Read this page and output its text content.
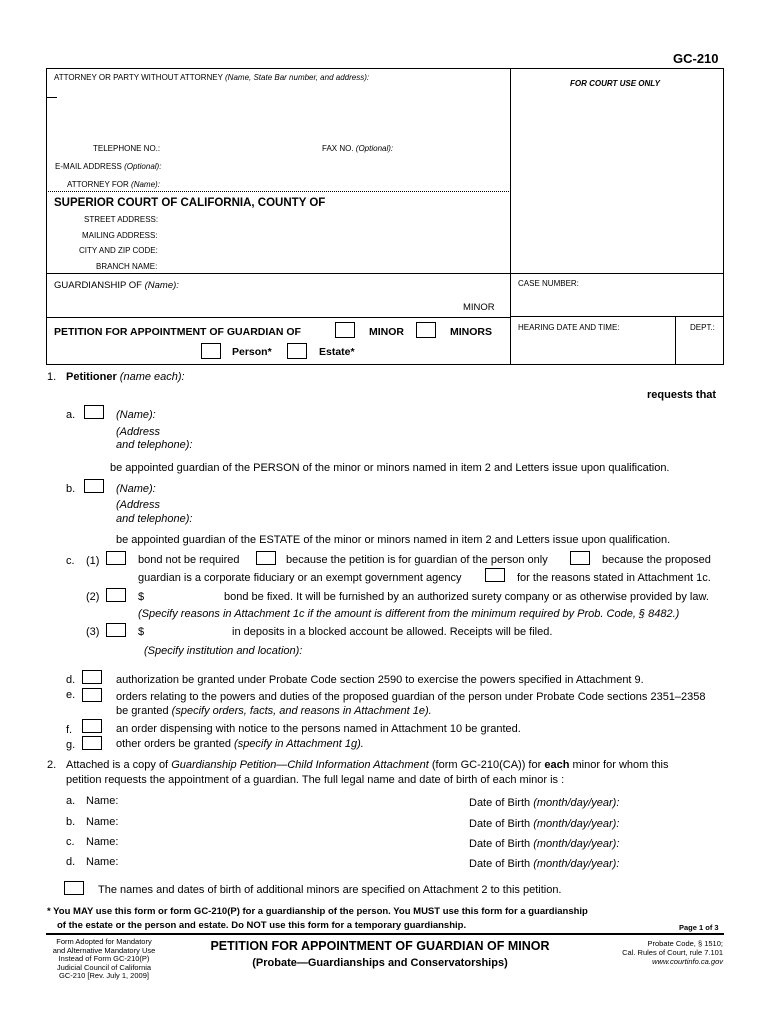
GC-210
ATTORNEY OR PARTY WITHOUT ATTORNEY (Name, State Bar number, and address):
FOR COURT USE ONLY
TELEPHONE NO.:	FAX NO. (Optional):
E-MAIL ADDRESS (Optional):
ATTORNEY FOR (Name):
SUPERIOR COURT OF CALIFORNIA, COUNTY OF
STREET ADDRESS:
MAILING ADDRESS:
CITY AND ZIP CODE:
BRANCH NAME:
GUARDIANSHIP OF (Name):	CASE NUMBER:
MINOR
PETITION FOR APPOINTMENT OF GUARDIAN OF	MINOR	MINORS
Person*	Estate*
HEARING DATE AND TIME:	DEPT.:
1. Petitioner (name each):
requests that
a.	(Name):
(Address
and telephone):
be appointed guardian of the PERSON of the minor or minors named in item 2 and Letters issue upon qualification.
b.	(Name):
(Address
and telephone):
be appointed guardian of the ESTATE of the minor or minors named in item 2 and Letters issue upon qualification.
c. (1)	bond not be required	because the petition is for guardian of the person only	because the proposed
guardian is a corporate fiduciary or an exempt government agency	for the reasons stated in Attachment 1c.
(2)	$	bond be fixed. It will be furnished by an authorized surety company or as otherwise provided by law.
(Specify reasons in Attachment 1c if the amount is different from the minimum required by Prob. Code, § 8482.)
(3)	$	in deposits in a blocked account be allowed. Receipts will be filed.
(Specify institution and location):
d.	authorization be granted under Probate Code section 2590 to exercise the powers specified in Attachment 9.
e.	orders relating to the powers and duties of the proposed guardian of the person under Probate Code sections 2351–2358
be granted (specify orders, facts, and reasons in Attachment 1e).
f.	an order dispensing with notice to the persons named in Attachment 10 be granted.
g.	other orders be granted (specify in Attachment 1g).
2. Attached is a copy of Guardianship Petition—Child Information Attachment (form GC-210(CA)) for each minor for whom this
petition requests the appointment of a guardian. The full legal name and date of birth of each minor is :
a. Name:	Date of Birth (month/day/year):
b. Name:	Date of Birth (month/day/year):
c. Name:	Date of Birth (month/day/year):
d. Name:	Date of Birth (month/day/year):
The names and dates of birth of additional minors are specified on Attachment 2 to this petition.
* You MAY use this form or form GC-210(P) for a guardianship of the person. You MUST use this form for a guardianship
of the estate or the person and estate. Do NOT use this form for a temporary guardianship.	Page 1 of 3
Form Adopted for Mandatory
and Alternative Mandatory Use
Instead of Form GC-210(P)
Judicial Council of California
GC-210 [Rev. July 1, 2009]
PETITION FOR APPOINTMENT OF GUARDIAN OF MINOR
(Probate—Guardianships and Conservatorships)
Probate Code, § 1510;
Cal. Rules of Court, rule 7.101
www.courtinfo.ca.gov
